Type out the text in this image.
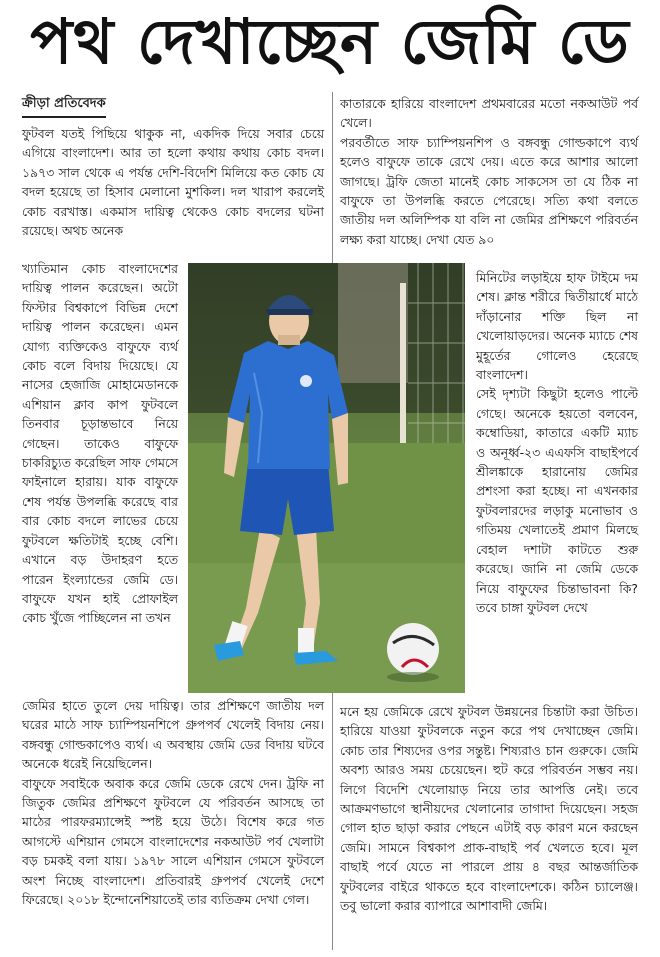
পথ দেখাচ্ছেন জেমি ডে
ক্রীড়া প্রতিবেদক

ফুটবল যতই পিছিয়ে থাকুক না, একদিক দিয়ে সবার চেয়ে এগিয়ে বাংলাদেশ। আর তা হলো কথায় কথায় কোচ বদল। ১৯৭৩ সাল থেকে এ পর্যন্ত দেশি-বিদেশি মিলিয়ে কত কোচ যে বদল হয়েছে তা হিসাব মেলানো মুশকিল। দল খারাপ করলেই কোচ বরখাস্ত। একমাস দায়িত্ব থেকেও কোচ বদলের ঘটনা রয়েছে। অথচ অনেক

খ্যাতিমান কোচ বাংলাদেশের দায়িত্ব পালন করেছেন। অটো ফিস্টার বিশ্বকাপে বিভিন্ন দেশে দায়িত্ব পালন করেছেন। এমন যোগ্য ব্যক্তিকেও বাফুফে ব্যর্থ কোচ বলে বিদায় দিয়েছে। যে নাসের হেজাজি মোহামেডানকে এশিয়ান ক্লাব কাপ ফুটবলে তিনবার চূড়ান্তভাবে নিয়ে গেছেন। তাকেও বাফুফে চাকরিচ্যুত করেছিল সাফ গেমসে ফাইনালে হারায়। যাক বাফুফে শেষ পর্যন্ত উপলব্ধি করেছে বার বার কোচ বদলে লাভের চেয়ে ফুটবলে ক্ষতিটাই হচ্ছে বেশি। এখানে বড় উদাহরণ হতে পারেন ইংল্যান্ডের জেমি ডে। বাফুফে যখন হাই প্রোফাইল কোচ খুঁজে পাচ্ছিলেন না তখন

জেমির হাতে তুলে দেয় দায়িত্ব। তার প্রশিক্ষণে জাতীয় দল ঘরের মাঠে সাফ চ্যাম্পিয়নশিপে গ্রুপপর্ব খেলেই বিদায় নেয়। বঙ্গবন্ধু গোল্ডকাপেও ব্যর্থ। এ অবস্থায় জেমি ডের বিদায় ঘটবে অনেকে ধরেই নিয়েছিলেন।

বাফুফে সবাইকে অবাক করে জেমি ডেকে রেখে দেন। ট্রফি না জিতুক জেমির প্রশিক্ষণে ফুটবলে যে পরিবর্তন আসছে তা মাঠের পারফরম্যান্সেই স্পষ্ট হয়ে উঠে। বিশেষ করে গত আগস্টে এশিয়ান গেমসে বাংলাদেশের নকআউট পর্ব খেলাটা বড় চমকই বলা যায়। ১৯৭৮ সালে এশিয়ান গেমসে ফুটবলে অংশ নিচ্ছে বাংলাদেশ। প্রতিবারই গ্রুপপর্ব খেলেই দেশে ফিরেছে। ২০১৮ ইন্দোনেশিয়াতেই তার ব্যতিক্রম দেখা গেল।

কাতারকে হারিয়ে বাংলাদেশ প্রথমবারের মতো নকআউট পর্ব খেলে।

পরবর্তীতে সাফ চ্যাম্পিয়নশিপ ও বঙ্গবন্ধু গোল্ডকাপে ব্যর্থ হলেও বাফুফে তাকে রেখে দেয়। এতে করে আশার আলো জাগছে। ট্রফি জেতা মানেই কোচ সাকসেস তা যে ঠিক না বাফুফে তা উপলব্ধি করতে পেরেছে। সত্যি কথা বলতে জাতীয় দল অলিম্পিক যা বলি না জেমির প্রশিক্ষণে পরিবর্তন লক্ষ্য করা যাচ্ছে। দেখা যেত ৯০

মিনিটের লড়াইয়ে হাফ টাইমে দম শেষ। ক্লান্ত শরীরে দ্বিতীয়ার্ধে মাঠে দাঁড়ানোর শক্তি ছিল না খেলোয়াড়দের। অনেক ম্যাচে শেষ মুহূর্তের গোলেও হেরেছে বাংলাদেশ।

সেই দৃশ্যটা কিছুটা হলেও পাল্টে গেছে। অনেকে হয়তো বলবেন, কম্বোডিয়া, কাতারে একটি ম্যাচ ও অনূর্ধ্ব-২৩ এএফসি বাছাইপর্বে শ্রীলঙ্কাকে হারানোয় জেমির প্রশংসা করা হচ্ছে। না এখনকার ফুটবলারদের লড়াকু মনোভাব ও গতিময় খেলাতেই প্রমাণ মিলছে বেহাল দশাটা কাটতে শুরু করেছে। জানি না জেমি ডেকে নিয়ে বাফুফের চিন্তাভাবনা কি? তবে চাঙ্গা ফুটবল দেখে

মনে হয় জেমিকে রেখে ফুটবল উন্নয়নের চিন্তাটা করা উচিত। হারিয়ে যাওয়া ফুটবলকে নতুন করে পথ দেখাচ্ছেন জেমি। কোচ তার শিষ্যদের ওপর সন্তুষ্ট। শিষ্যরাও চান গুরুকে। জেমি অবশ্য আরও সময় চেয়েছেন। হুট করে পরিবর্তন সম্ভব নয়। লিগে বিদেশি খেলোয়াড় নিয়ে তার আপত্তি নেই। তবে আক্রমণভাগে স্থানীয়দের খেলানোর তাগাদা দিয়েছেন। সহজ গোল হাত ছাড়া করার পেছনে এটাই বড় কারণ মনে করছেন জেমি। সামনে বিশ্বকাপ প্রাক-বাছাই পর্ব খেলতে হবে। মূল বাছাই পর্বে যেতে না পারলে প্রায় ৪ বছর আন্তর্জাতিক ফুটবলের বাইরে থাকতে হবে বাংলাদেশকে। কঠিন চ্যালেঞ্জ। তবু ভালো করার ব্যাপারে আশাবাদী জেমি।
